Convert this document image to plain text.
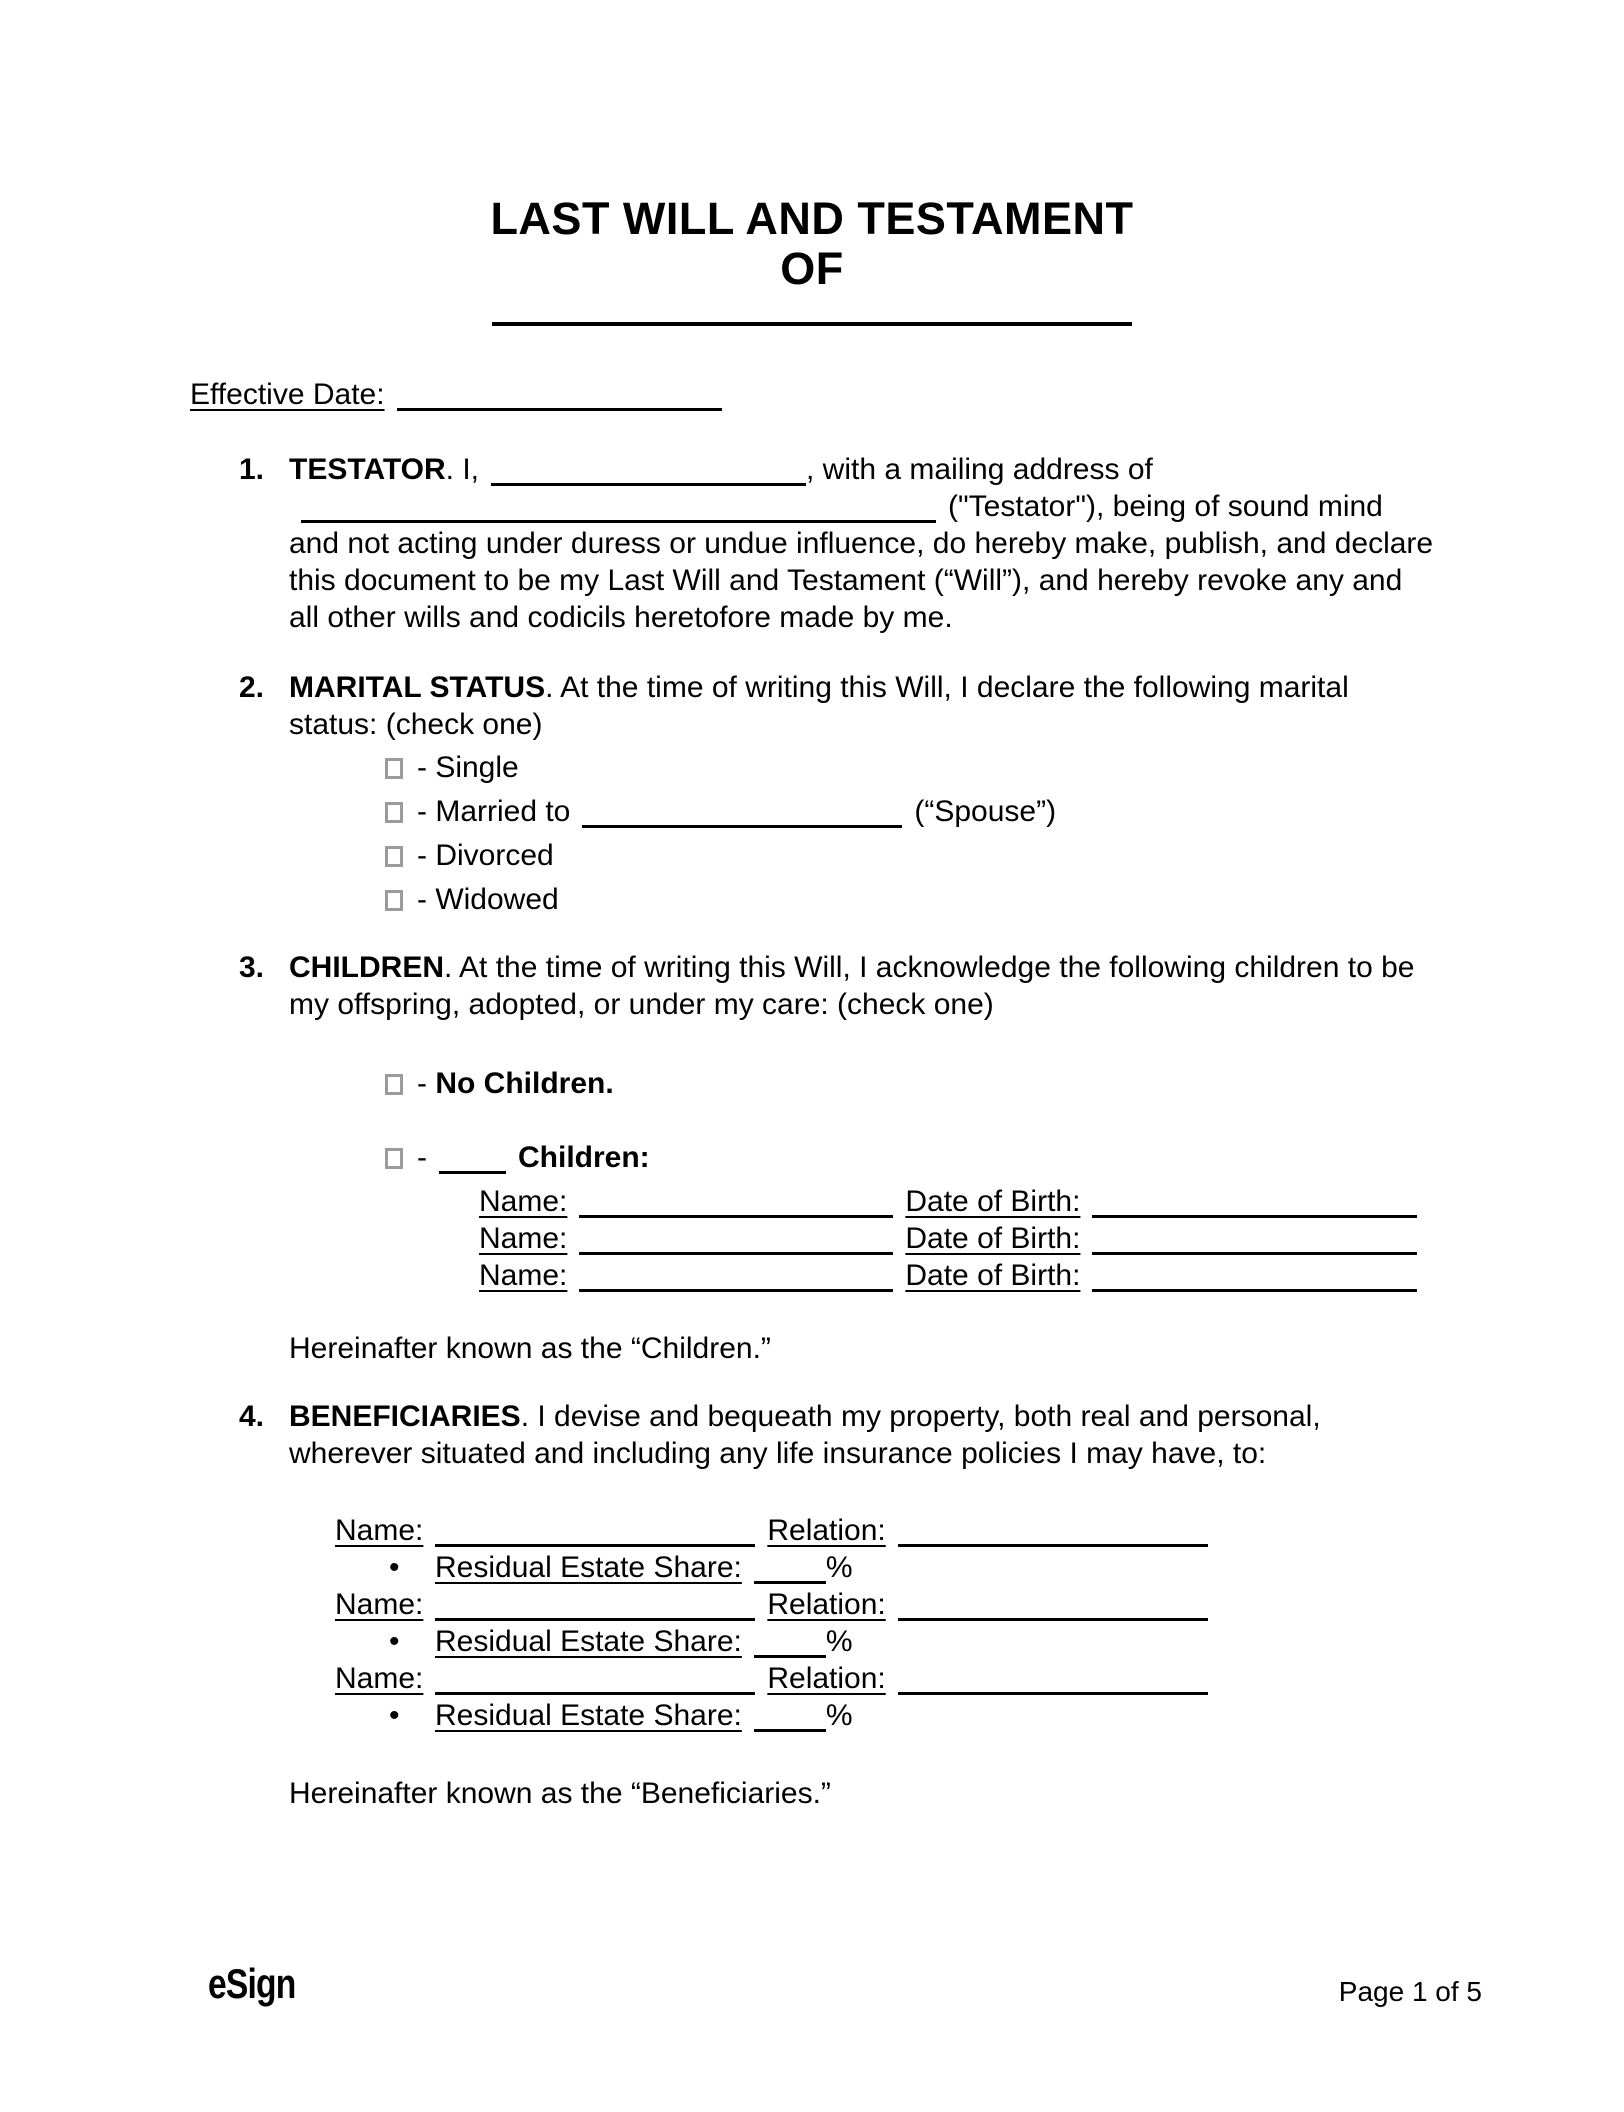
LAST WILL AND TESTAMENT
OF
Effective Date:
1. TESTATOR. I,	, with a mailing address of ("Testator"), being of sound mind and not acting under duress or undue influence, do hereby make, publish, and declare this document to be my Last Will and Testament (“Will”), and hereby revoke any and all other wills and codicils heretofore made by me.
2. MARITAL STATUS. At the time of writing this Will, I declare the following marital status: (check one)
- Single
- Married to	(“Spouse”)
- Divorced
- Widowed
3. CHILDREN. At the time of writing this Will, I acknowledge the following children to be my offspring, adopted, or under my care: (check one)
- No Children.
-	Children:
Name:	Date of Birth:
Name:	Date of Birth:
Name:	Date of Birth:
Hereinafter known as the “Children.”
4. BENEFICIARIES. I devise and bequeath my property, both real and personal, wherever situated and including any life insurance policies I may have, to:
Name:	Relation:
• Residual Estate Share:	%
Name:	Relation:
• Residual Estate Share:	%
Name:	Relation:
• Residual Estate Share:	%
Hereinafter known as the “Beneficiaries.”
eSign	Page 1 of 5
